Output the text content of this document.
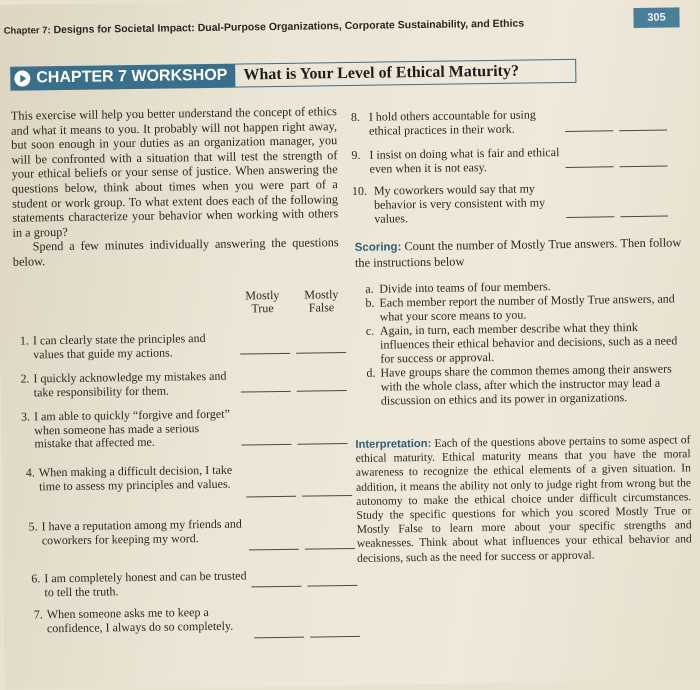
Chapter 7: Designs for Societal Impact: Dual-Purpose Organizations, Corporate Sustainability, and Ethics	305
CHAPTER 7 WORKSHOP What is Your Level of Ethical Maturity?

This exercise will help you better understand the concept of ethics and what it means to you. It probably will not happen right away, but soon enough in your duties as an organization manager, you will be confronted with a situation that will test the strength of your ethical beliefs or your sense of justice. When answering the questions below, think about times when you were part of a student or work group. To what extent does each of the following statements characterize your behavior when working with others in a group?

Spend a few minutes individually answering the questions below.

Mostly True
Mostly False
1. I can clearly state the principles and values that guide my actions.
2. I quickly acknowledge my mistakes and take responsibility for them.
3. I am able to quickly “forgive and forget” when someone has made a serious mistake that affected me.
4. When making a difficult decision, I take time to assess my principles and values.
5. I have a reputation among my friends and coworkers for keeping my word.
6. I am completely honest and can be trusted to tell the truth.
7. When someone asks me to keep a confidence, I always do so completely.
8. I hold others accountable for using ethical practices in their work.
9. I insist on doing what is fair and ethical even when it is not easy.
10. My coworkers would say that my behavior is very consistent with my values.
Scoring: Count the number of Mostly True answers. Then follow the instructions below
a. Divide into teams of four members.
b. Each member report the number of Mostly True answers, and what your score means to you.
c. Again, in turn, each member describe what they think influences their ethical behavior and decisions, such as a need for success or approval.
d. Have groups share the common themes among their answers with the whole class, after which the instructor may lead a discussion on ethics and its power in organizations.
Interpretation: Each of the questions above pertains to some aspect of ethical maturity. Ethical maturity means that you have the moral awareness to recognize the ethical elements of a given situation. In addition, it means the ability not only to judge right from wrong but the autonomy to make the ethical choice under difficult circumstances. Study the specific questions for which you scored Mostly True or Mostly False to learn more about your specific strengths and weaknesses. Think about what influences your ethical behavior and decisions, such as the need for success or approval.
